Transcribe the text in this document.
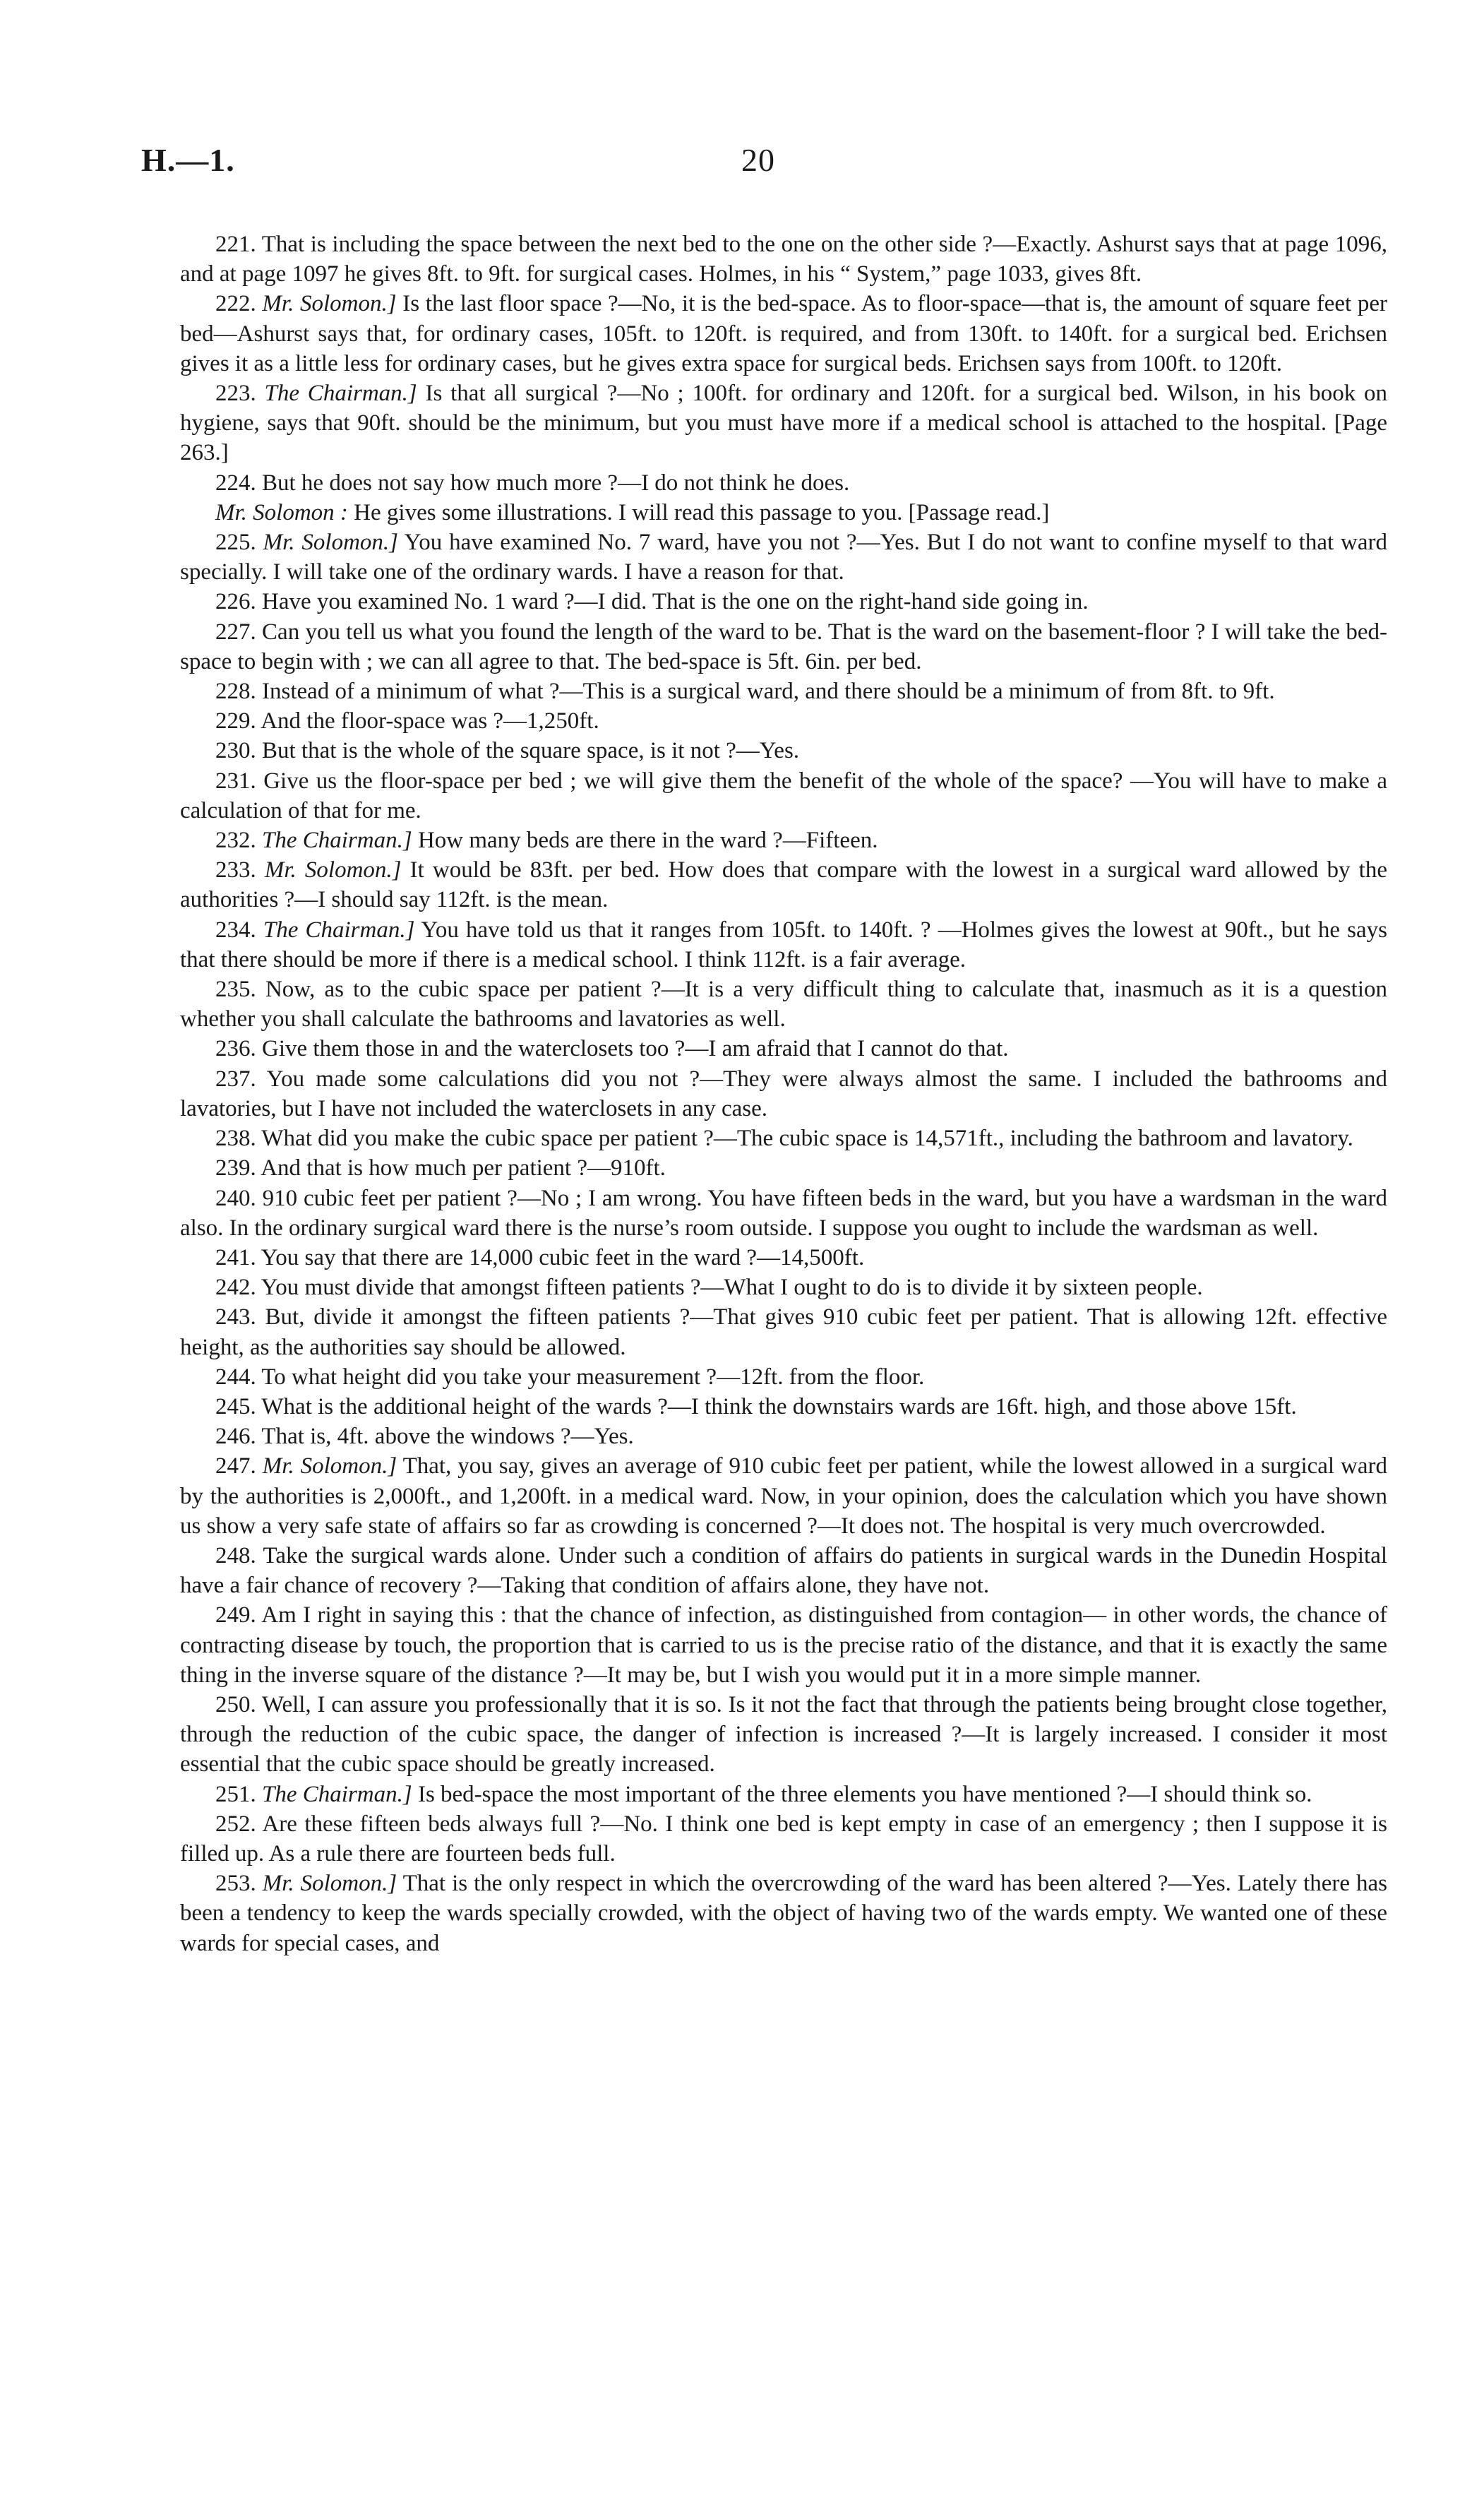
H.—1.	20

221. That is including the space between the next bed to the one on the other side ?—Exactly. Ashurst says that at page 1096, and at page 1097 he gives 8ft. to 9ft. for surgical cases. Holmes, in his “ System,” page 1033, gives 8ft.

222. Mr. Solomon.] Is the last floor space ?—No, it is the bed-space. As to floor-space—that is, the amount of square feet per bed—Ashurst says that, for ordinary cases, 105ft. to 120ft. is required, and from 130ft. to 140ft. for a surgical bed. Erichsen gives it as a little less for ordinary cases, but he gives extra space for surgical beds. Erichsen says from 100ft. to 120ft.

223. The Chairman.] Is that all surgical ?—No ; 100ft. for ordinary and 120ft. for a surgical bed. Wilson, in his book on hygiene, says that 90ft. should be the minimum, but you must have more if a medical school is attached to the hospital. [Page 263.]

224. But he does not say how much more ?—I do not think he does.

Mr. Solomon : He gives some illustrations. I will read this passage to you. [Passage read.]

225. Mr. Solomon.] You have examined No. 7 ward, have you not ?—Yes. But I do not want to confine myself to that ward specially. I will take one of the ordinary wards. I have a reason for that.

226. Have you examined No. 1 ward ?—I did. That is the one on the right-hand side going in.

227. Can you tell us what you found the length of the ward to be. That is the ward on the basement-floor ? I will take the bed-space to begin with ; we can all agree to that. The bed-space is 5ft. 6in. per bed.

228. Instead of a minimum of what ?—This is a surgical ward, and there should be a minimum of from 8ft. to 9ft.

229. And the floor-space was ?—1,250ft.

230. But that is the whole of the square space, is it not ?—Yes.

231. Give us the floor-space per bed ; we will give them the benefit of the whole of the space? —You will have to make a calculation of that for me.

232. The Chairman.] How many beds are there in the ward ?—Fifteen.

233. Mr. Solomon.] It would be 83ft. per bed. How does that compare with the lowest in a surgical ward allowed by the authorities ?—I should say 112ft. is the mean.

234. The Chairman.] You have told us that it ranges from 105ft. to 140ft. ? —Holmes gives the lowest at 90ft., but he says that there should be more if there is a medical school. I think 112ft. is a fair average.

235. Now, as to the cubic space per patient ?—It is a very difficult thing to calculate that, inasmuch as it is a question whether you shall calculate the bathrooms and lavatories as well.

236. Give them those in and the waterclosets too ?—I am afraid that I cannot do that.

237. You made some calculations did you not ?—They were always almost the same. I included the bathrooms and lavatories, but I have not included the waterclosets in any case.

238. What did you make the cubic space per patient ?—The cubic space is 14,571ft., including the bathroom and lavatory.

239. And that is how much per patient ?—910ft.

240. 910 cubic feet per patient ?—No ; I am wrong. You have fifteen beds in the ward, but you have a wardsman in the ward also. In the ordinary surgical ward there is the nurse’s room outside. I suppose you ought to include the wardsman as well.

241. You say that there are 14,000 cubic feet in the ward ?—14,500ft.

242. You must divide that amongst fifteen patients ?—What I ought to do is to divide it by sixteen people.

243. But, divide it amongst the fifteen patients ?—That gives 910 cubic feet per patient. That is allowing 12ft. effective height, as the authorities say should be allowed.

244. To what height did you take your measurement ?—12ft. from the floor.

245. What is the additional height of the wards ?—I think the downstairs wards are 16ft. high, and those above 15ft.

246. That is, 4ft. above the windows ?—Yes.

247. Mr. Solomon.] That, you say, gives an average of 910 cubic feet per patient, while the lowest allowed in a surgical ward by the authorities is 2,000ft., and 1,200ft. in a medical ward. Now, in your opinion, does the calculation which you have shown us show a very safe state of affairs so far as crowding is concerned ?—It does not. The hospital is very much overcrowded.

248. Take the surgical wards alone. Under such a condition of affairs do patients in surgical wards in the Dunedin Hospital have a fair chance of recovery ?—Taking that condition of affairs alone, they have not.

249. Am I right in saying this : that the chance of infection, as distinguished from contagion— in other words, the chance of contracting disease by touch, the proportion that is carried to us is the precise ratio of the distance, and that it is exactly the same thing in the inverse square of the distance ?—It may be, but I wish you would put it in a more simple manner.

250. Well, I can assure you professionally that it is so. Is it not the fact that through the patients being brought close together, through the reduction of the cubic space, the danger of infection is increased ?—It is largely increased. I consider it most essential that the cubic space should be greatly increased.

251. The Chairman.] Is bed-space the most important of the three elements you have mentioned ?—I should think so.

252. Are these fifteen beds always full ?—No. I think one bed is kept empty in case of an emergency ; then I suppose it is filled up. As a rule there are fourteen beds full.

253. Mr. Solomon.] That is the only respect in which the overcrowding of the ward has been altered ?—Yes. Lately there has been a tendency to keep the wards specially crowded, with the object of having two of the wards empty. We wanted one of these wards for special cases, and
